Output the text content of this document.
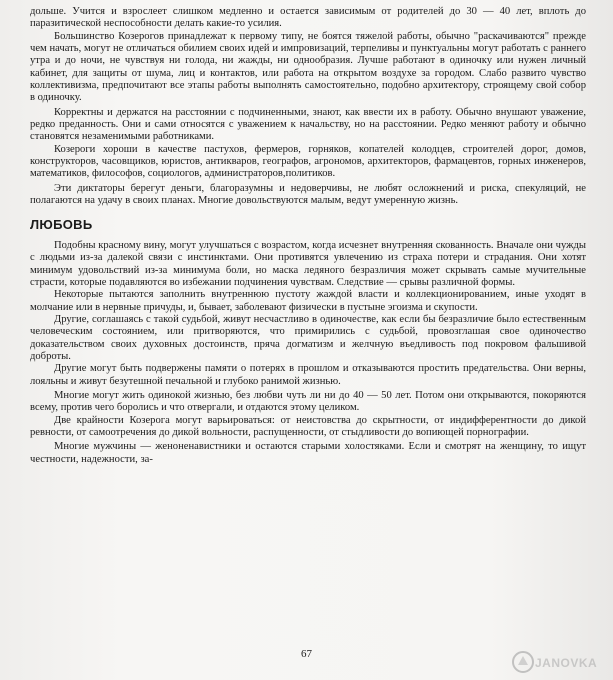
дольше. Учится и взрослеет слишком медленно и остается зависимым от родителей до 30 — 40 лет, вплоть до паразитической неспособности делать какие-то усилия.

Большинство Козерогов принадлежат к первому типу, не боятся тяжелой работы, обычно "раскачиваются" прежде чем начать, могут не отличаться обилием своих идей и импровизаций, терпеливы и пунктуальны могут работать с раннего утра и до ночи, не чувствуя ни голода, ни жажды, ни однообразия. Лучше работают в одиночку или нужен личный кабинет, для защиты от шума, лиц и контактов, или работа на открытом воздухе за городом. Слабо развито чувство коллективизма, предпочитают все этапы работы выполнять самостоятельно, подобно архитектору, строящему свой собор в одиночку.

Корректны и держатся на расстоянии с подчиненными, знают, как ввести их в работу. Обычно внушают уважение, редко преданность. Они и сами относятся с уважением к начальству, но на расстоянии. Редко меняют работу и обычно становятся незаменимыми работниками.

Козероги хороши в качестве пастухов, фермеров, горняков, копателей колодцев, строителей дорог, домов, конструкторов, часовщиков, юристов, антикваров, географов, агрономов, архитекторов, фармацевтов, горных инженеров, математиков, философов, социологов, администраторов,политиков.

Эти диктаторы берегут деньги, благоразумны и недоверчивы, не любят осложнений и риска, спекуляций, не полагаются на удачу в своих планах. Многие довольствуются малым, ведут умеренную жизнь.

ЛЮБОВЬ

Подобны красному вину, могут улучшаться с возрастом, когда исчезнет внутренняя скованность. Вначале они чужды с людьми из-за далекой связи с инстинктами. Они противятся увлечению из страха потери и страдания. Они хотят минимум удовольствий из-за минимума боли, но маска ледяного безразличия может скрывать самые мучительные страсти, которые подавляются во избежании подчинения чувствам. Следствие — срывы различной формы.

Некоторые пытаются заполнить внутреннюю пустоту жаждой власти и коллекционированием, иные уходят в молчание или в нервные причуды, и, бывает, заболевают физически в пустыне эгоизма и скупости.

Другие, соглашаясь с такой судьбой, живут несчастливо в одиночестве, как если бы безразличие было естественным человеческим состоянием, или притворяются, что примирились с судьбой, провозглашая свое одиночество доказательством своих духовных достоинств, пряча догматизм и желчную въедливость под покровом фальшивой доброты.

Другие могут быть подвержены памяти о потерях в прошлом и отказываются простить предательства. Они верны, лояльны и живут безутешной печальной и глубоко ранимой жизнью.

Многие могут жить одинокой жизнью, без любви чуть ли ни до 40 — 50 лет. Потом они открываются, покоряются всему, против чего боролись и что отвергали, и отдаются этому целиком.

Две крайности Козерога могут варьироваться: от неистовства до скрытности, от индифферентности до дикой ревности, от самоотречения до дикой вольности, распущенности, от стыдливости до вопиющей порнографии.

Многие мужчины — женоненавистники и остаются старыми холостяками. Если и смотрят на женщину, то ищут честности, надежности, за-

67
JANOVKA
